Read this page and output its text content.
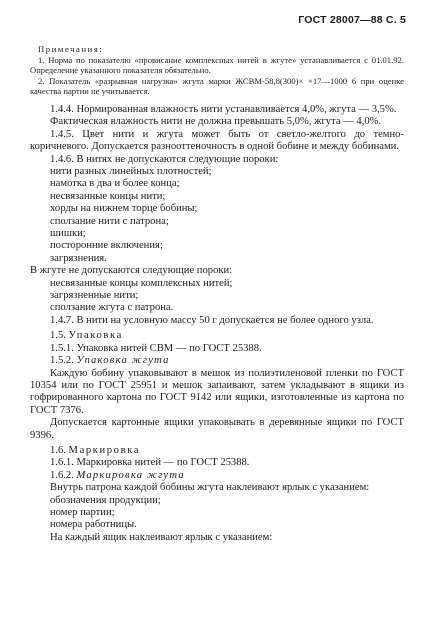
ГОСТ 28007—88 С. 5

Примечания:

1. Норма по показателю «провисание комплексных нитей в жгуте» устанавливается с 01.01.92. Определение указанного показателя обязательно.

2. Показатель «разрывная нагрузка» жгута марки ЖСВМ-58,8(300)× ×17—1000 6 при оценке качества партии не учитывается.

1.4.4. Нормированная влажность нити устанавливается 4,0%, жгута — 3,5%.

Фактическая влажность нити не должна превышать 5,0%, жгута — 4,0%.

1.4.5. Цвет нити и жгута может быть от светло-желтого до темно-коричневого. Допускается разнооттеночность в одной бобине и между бобинами.

1.4.6. В нитях не допускаются следующие пороки:

нити разных линейных плотностей;

намотка в два и более конца;

несвязанные концы нити;

хорды на нижнем торце бобины;

сползание нити с патрона;

шишки;

посторонние включения;

загрязнения.

В жгуте не допускаются следующие пороки:

несвязанные концы комплексных нитей;

загрязненные нити;

сползание жгута с патрона.

1.4.7. В нити на условную массу 50 г допускается не более одного узла.

1.5. Упаковка

1.5.1. Упаковка нитей СВМ — по ГОСТ 25388.

1.5.2. Упаковка жгута

Каждую бобину упаковывают в мешок из полиэтиленовой пленки по ГОСТ 10354 или по ГОСТ 25951 и мешок запаивают, затем укладывают в ящики из гофрированного картона по ГОСТ 9142 или ящики, изготовленные из картона по ГОСТ 7376.

Допускается картонные ящики упаковывать в деревянные ящики по ГОСТ 9396.

1.6. Маркировка

1.6.1. Маркировка нитей — по ГОСТ 25388.

1.6.2. Маркировка жгута

Внутрь патрона каждой бобины жгута наклеивают ярлык с указанием:

обозначения продукции;

номер партии;

номера работницы.

На каждый ящик наклеивают ярлык с указанием:
